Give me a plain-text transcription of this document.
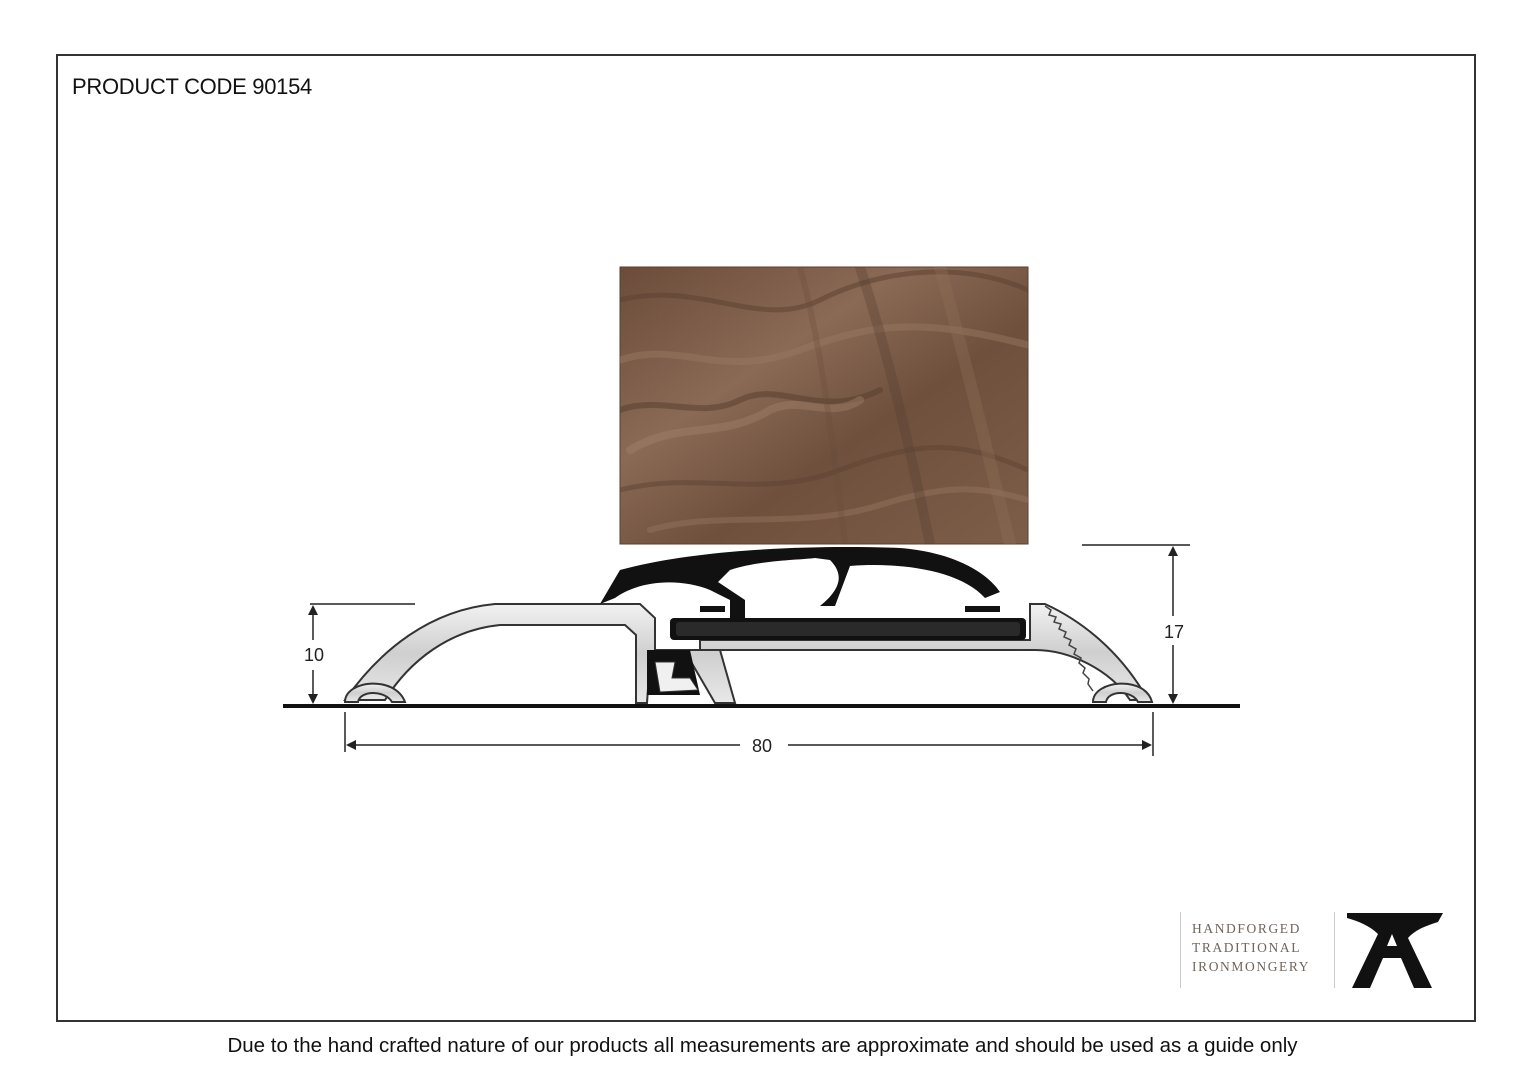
PRODUCT CODE 90154
10
17
80
HANDFORGED
TRADITIONAL
IRONMONGERY
Due to the hand crafted nature of our products all measurements are approximate and should be used as a guide only
